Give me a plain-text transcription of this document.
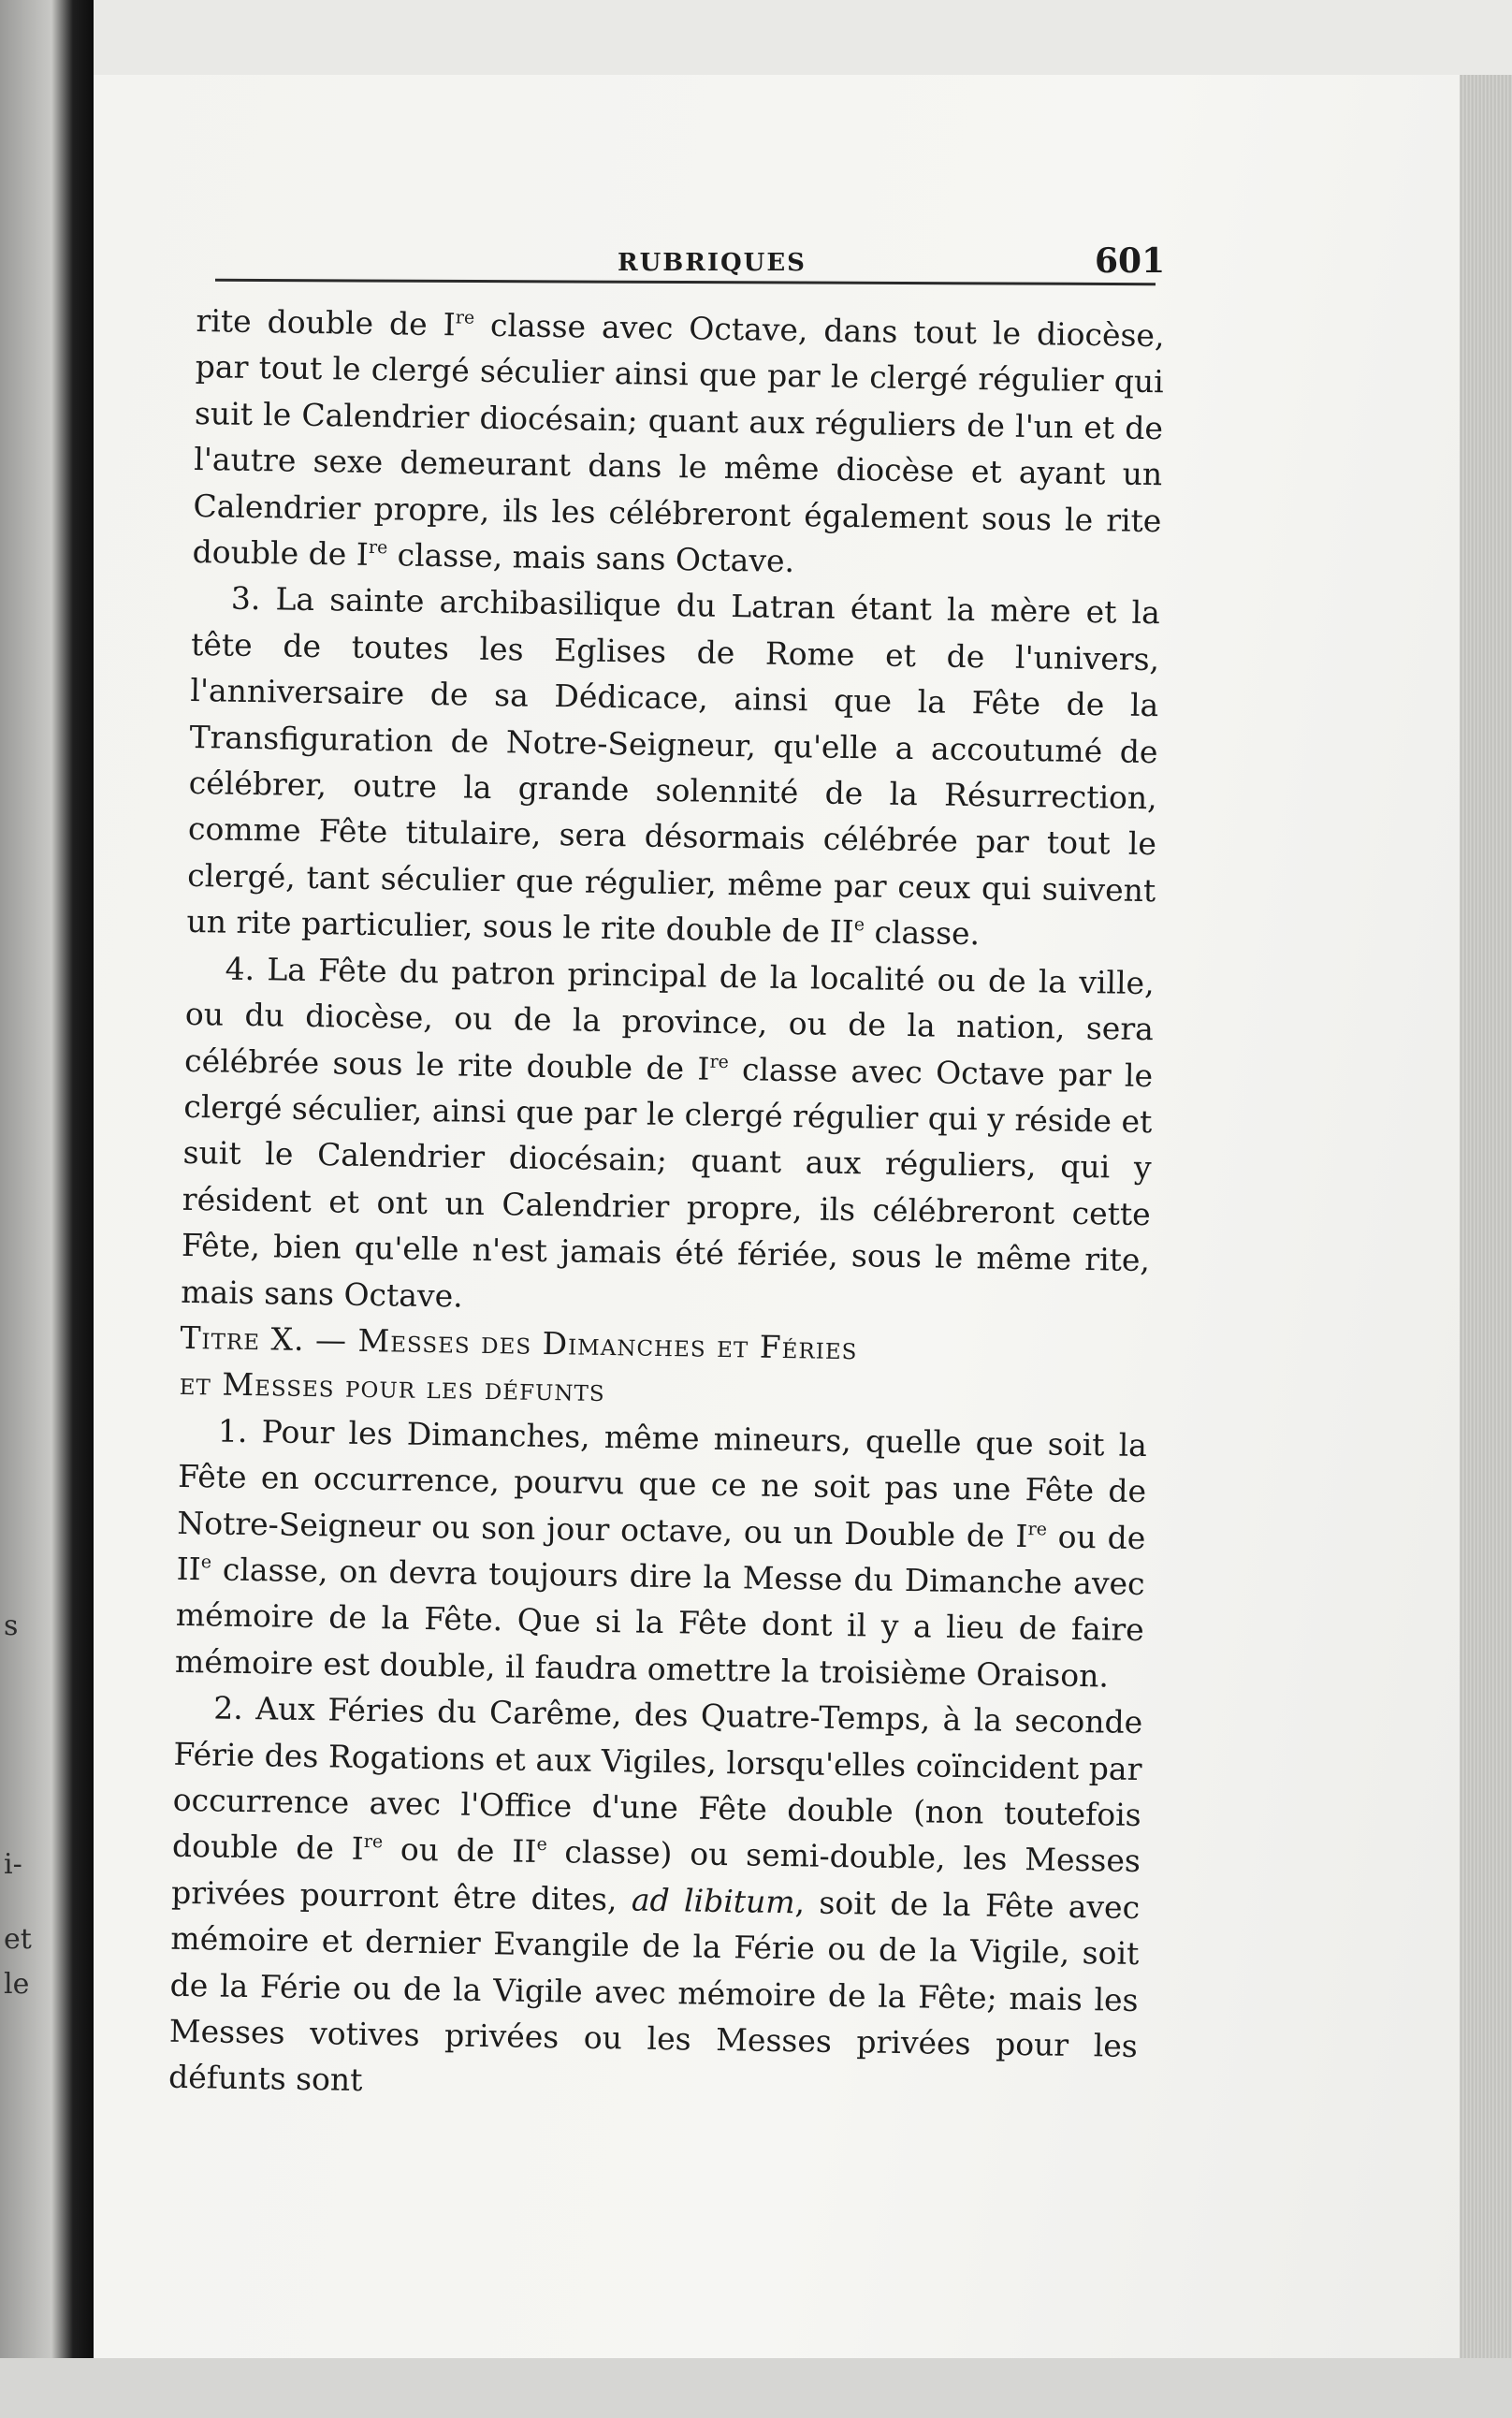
i-
et
le
s
RUBRIQUES	601

rite double de Ire classe avec Octave, dans tout le diocèse, par tout le clergé séculier ainsi que par le clergé régulier qui suit le Calendrier diocésain; quant aux réguliers de l'un et de l'autre sexe demeurant dans le même diocèse et ayant un Calendrier propre, ils les célébreront également sous le rite double de Ire classe, mais sans Octave.

3. La sainte archibasilique du Latran étant la mère et la tête de toutes les Eglises de Rome et de l'univers, l'anniversaire de sa Dédicace, ainsi que la Fête de la Transfiguration de Notre-Seigneur, qu'elle a accoutumé de célébrer, outre la grande solennité de la Résurrection, comme Fête titulaire, sera désormais célébrée par tout le clergé, tant séculier que régulier, même par ceux qui suivent un rite particulier, sous le rite double de IIe classe.

4. La Fête du patron principal de la localité ou de la ville, ou du diocèse, ou de la province, ou de la nation, sera célébrée sous le rite double de Ire classe avec Octave par le clergé séculier, ainsi que par le clergé régulier qui y réside et suit le Calendrier diocésain; quant aux réguliers, qui y résident et ont un Calendrier propre, ils célébreront cette Fête, bien qu'elle n'est jamais été fériée, sous le même rite, mais sans Octave.

Titre X. — Messes des Dimanches et Féries

et Messes pour les défunts

1. Pour les Dimanches, même mineurs, quelle que soit la Fête en occurrence, pourvu que ce ne soit pas une Fête de Notre-Seigneur ou son jour octave, ou un Double de Ire ou de IIe classe, on devra toujours dire la Messe du Dimanche avec mémoire de la Fête. Que si la Fête dont il y a lieu de faire mémoire est double, il faudra omettre la troisième Oraison.

2. Aux Féries du Carême, des Quatre-Temps, à la seconde Férie des Rogations et aux Vigiles, lorsqu'elles coïncident par occurrence avec l'Office d'une Fête double (non toutefois double de Ire ou de IIe classe) ou semi-double, les Messes privées pourront être dites, ad libitum, soit de la Fête avec mémoire et dernier Evangile de la Férie ou de la Vigile, soit de la Férie ou de la Vigile avec mémoire de la Fête; mais les Messes votives privées ou les Messes privées pour les défunts sont
